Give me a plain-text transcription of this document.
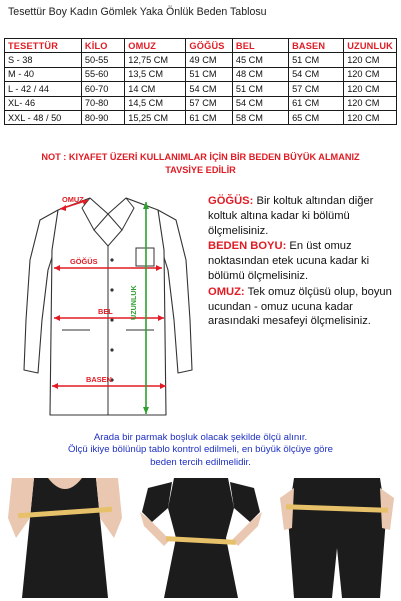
Tesettür Boy Kadın Gömlek Yaka Önlük Beden Tablosu
TESETTÜR	KİLO	OMUZ	GÖĞÜS	BEL	BASEN	UZUNLUK
S - 38	50-55	12,75 CM	49 CM	45 CM	51 CM	120 CM
M - 40	55-60	13,5 CM	51 CM	48 CM	54 CM	120 CM
L - 42 / 44	60-70	14 CM	54 CM	51 CM	57 CM	120 CM
XL- 46	70-80	14,5 CM	57 CM	54 CM	61 CM	120 CM
XXL - 48 / 50	80-90	15,25 CM	61 CM	58 CM	65 CM	120 CM
NOT : KIYAFET ÜZERİ KULLANIMLAR İÇİN BİR BEDEN BÜYÜK ALMANIZ
TAVSİYE EDİLİR
OMUZ
GÖĞÜS
BEL
BASEN
UZUNLUK

GÖĞÜS: Bir koltuk altından diğer koltuk altına kadar ki bölümü ölçmelisiniz.

BEDEN BOYU: En üst omuz noktasından etek ucuna kadar ki bölümü ölçmelisiniz.

OMUZ: Tek omuz ölçüsü olup, boyun ucundan - omuz ucuna kadar arasındaki mesafeyi ölçmelisiniz.

Arada bir parmak boşluk olacak şekilde ölçü alınır.
Ölçü ikiye bölünüp tablo kontrol edilmeli, en büyük ölçüye göre
beden tercih edilmelidir.
